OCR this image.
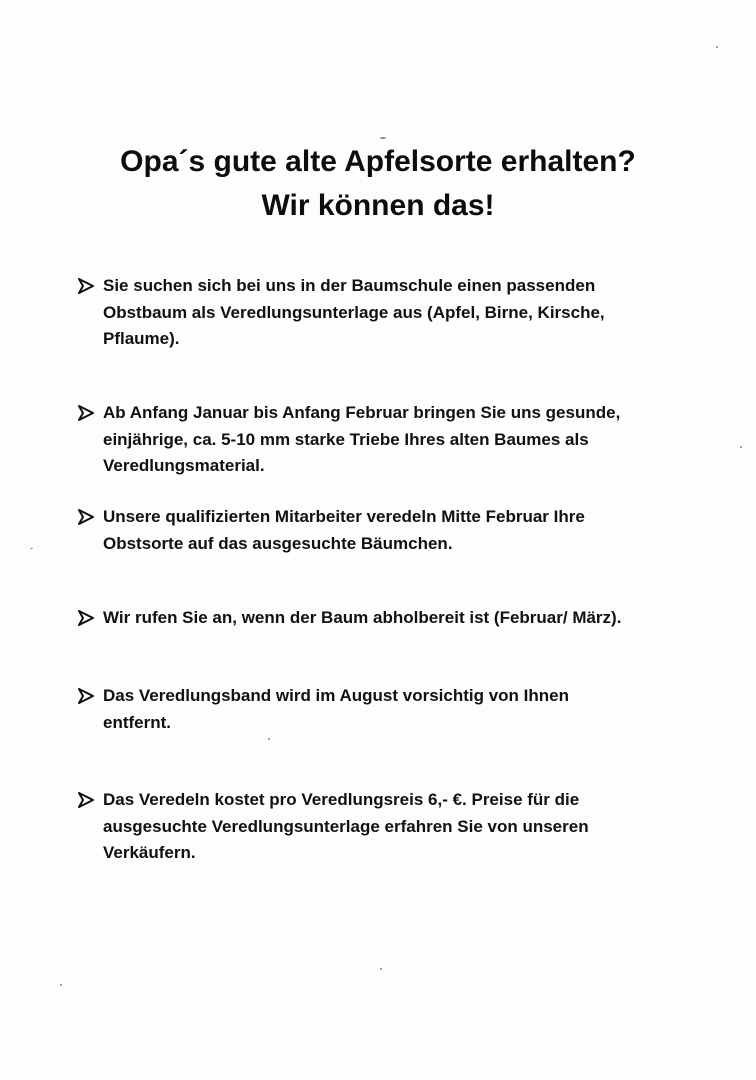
Opa´s gute alte Apfelsorte erhalten?
Wir können das!
Sie suchen sich bei uns in der Baumschule einen passenden
Obstbaum als Veredlungsunterlage aus (Apfel, Birne, Kirsche,
Pflaume).
Ab Anfang Januar bis Anfang Februar bringen Sie uns gesunde,
einjährige, ca. 5-10 mm starke Triebe Ihres alten Baumes als
Veredlungsmaterial.
Unsere qualifizierten Mitarbeiter veredeln Mitte Februar Ihre
Obstsorte auf das ausgesuchte Bäumchen.
Wir rufen Sie an, wenn der Baum abholbereit ist (Februar/ März).
Das Veredlungsband wird im August vorsichtig von Ihnen
entfernt.
Das Veredeln kostet pro Veredlungsreis 6,- €. Preise für die
ausgesuchte Veredlungsunterlage erfahren Sie von unseren
Verkäufern.
